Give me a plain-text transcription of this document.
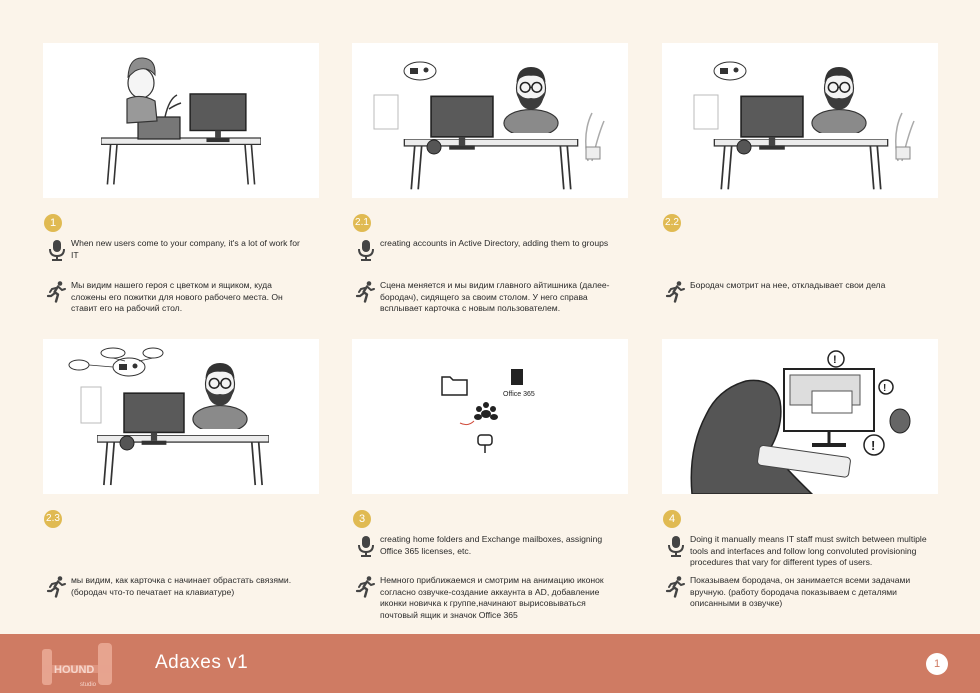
Office 365
!
!
!
1
When new users come to your company, it's a lot of work for IT
Мы видим нашего героя с цветком и ящиком, куда сложены его пожитки для нового рабочего места. Он ставит его на рабочий стол.
2.1
creating accounts in Active Directory, adding them to groups
Сцена меняется и мы видим главного айтишника (далее-бородач), сидящего за своим столом. У него справа всплывает карточка с новым пользователем.
2.2
Бородач смотрит на нее, откладывает свои дела
2.3
мы видим, как карточка с начинает обрастать связями. (бородач что-то печатает на клавиатуре)
3
creating home folders and Exchange mailboxes, assigning Office 365 licenses, etc.
Немного приближаемся и смотрим на анимацию иконок согласно озвучке-создание аккаунта в AD, добавление иконки новичка к группе,начинают вырисовываться почтовый ящик и значок Office 365
4
Doing it manually means IT staff must switch between multiple tools and interfaces and follow long convoluted provisioning procedures that vary for different types of users.
Показываем бородача, он занимается всеми задачами вручную. (работу бородача показываем с деталями описанными в озвучке)
HOUND
studio
Adaxes v1	1
